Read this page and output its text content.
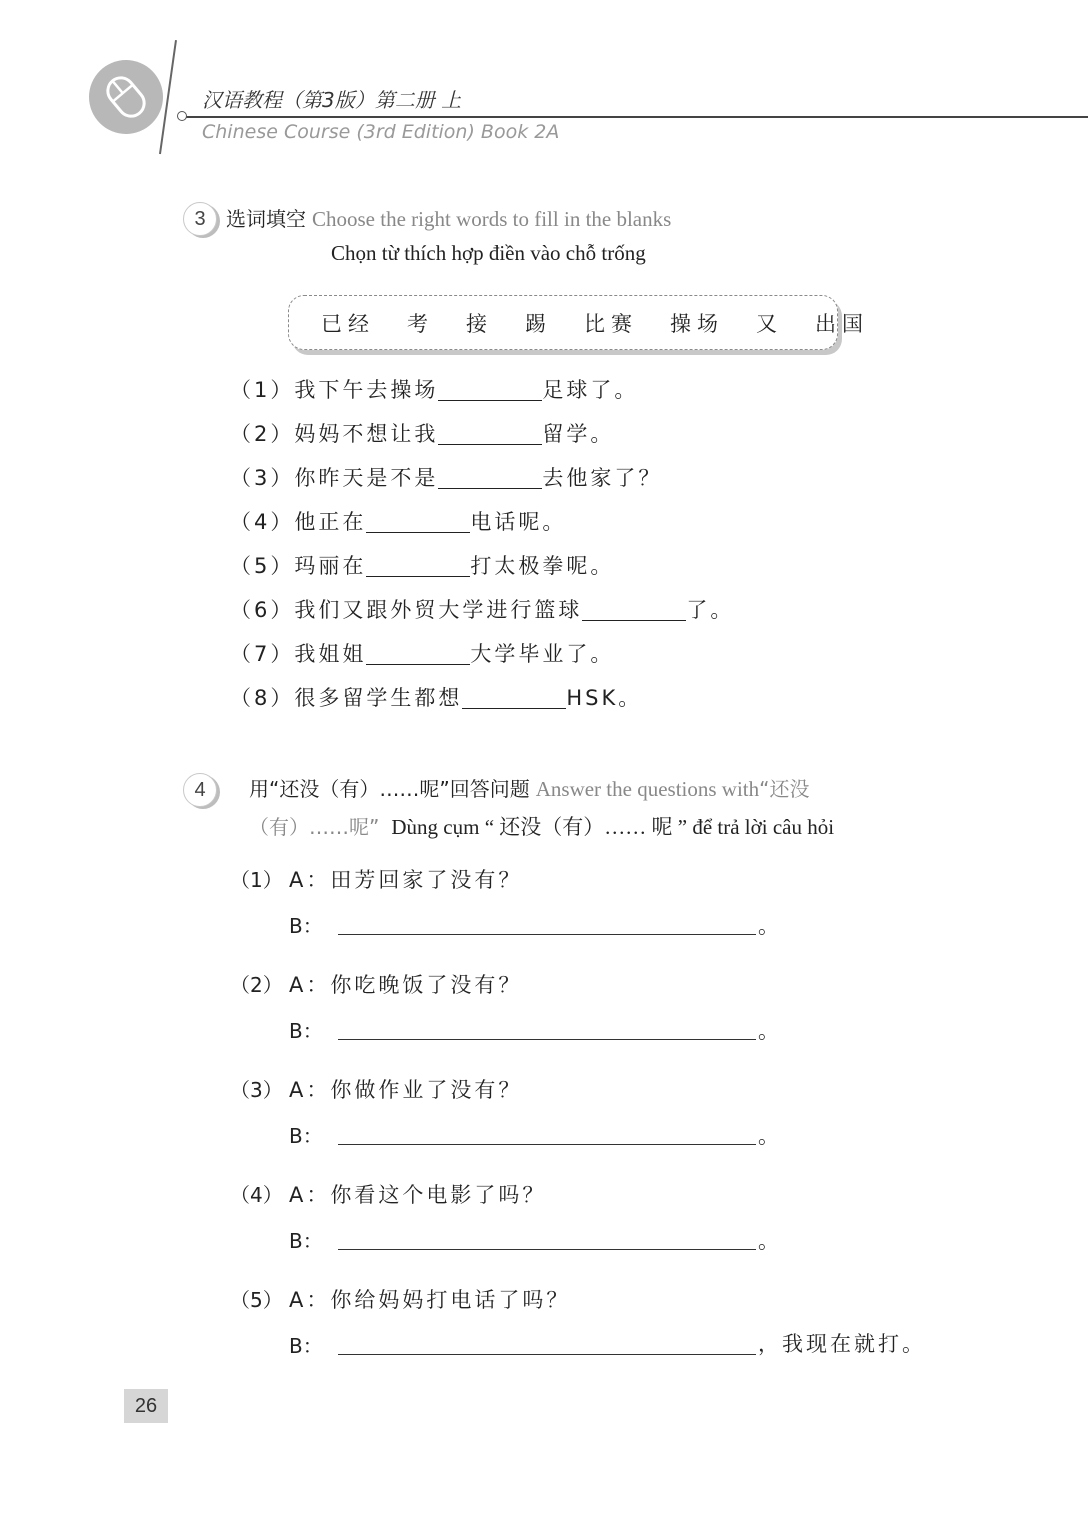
汉语教程（第3版）第二册 上
Chinese Course (3rd Edition) Book 2A
3	选词填空 Choose the right words to fill in the blanks
Chọn từ thích hợp điền vào chỗ trống
已经 考 接 踢 比赛 操场 又 出国
（1）我下午去操场	足球了。
（2）妈妈不想让我	留学。
（3）你昨天是不是	去他家了？
（4）他正在	电话呢。
（5）玛丽在	打太极拳呢。
（6）我们又跟外贸大学进行篮球	了。
（7）我姐姐	大学毕业了。
（8）很多留学生都想	HSK。
4	用“还没（有）……呢”回答问题 Answer the questions with“还没
（有）……呢” Dùng cụm “ 还没（有）…… 呢 ” để trả lời câu hỏi
（1） A：田芳回家了没有？
B：	。
（2） A：你吃晚饭了没有？
B：	。
（3） A：你做作业了没有？
B：	。
（4） A：你看这个电影了吗？
B：	。
（5） A：你给妈妈打电话了吗？
B：	，我现在就打。
26
